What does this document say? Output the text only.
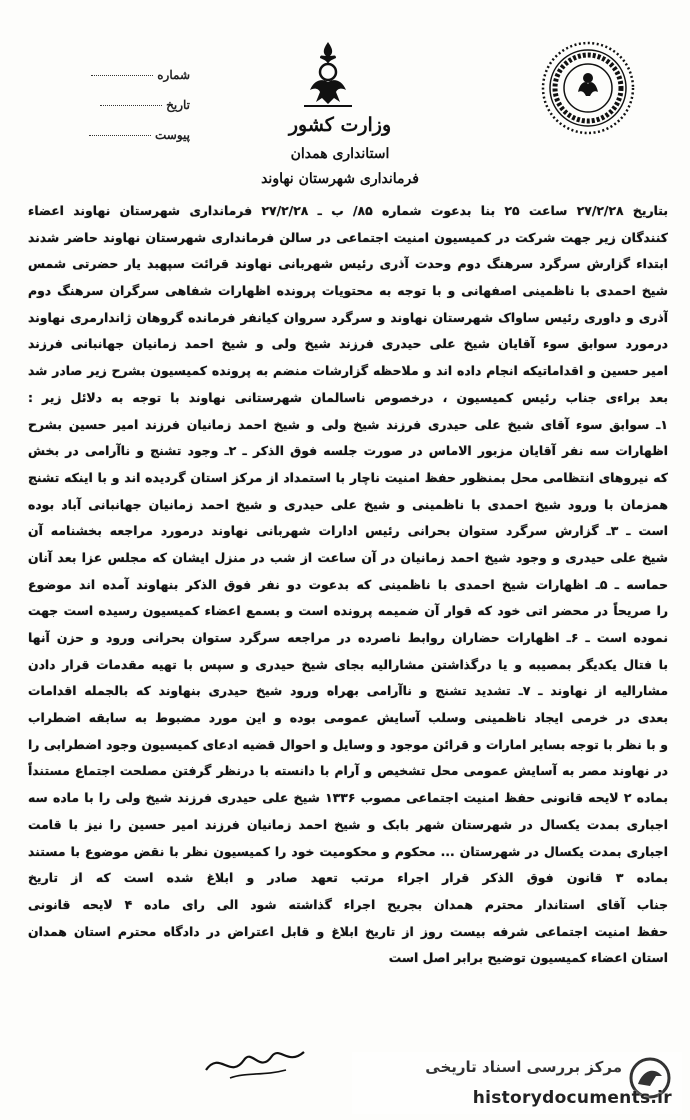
شماره
تاریخ
پیوست	وزارت کشور
استانداری همدان
فرمانداری شهرستان نهاوند
بتاریخ ۲۷/۲/۲۸ ساعت ۲۵ بنا بدعوت شماره ۸۵/ ب ـ ۲۷/۲/۲۸ فرمانداری شهرستان نهاوند اعضاء
کنندگان زیر جهت شرکت در کمیسیون امنیت اجتماعی در سالن فرمانداری شهرستان نهاوند حاضر شدند
ابتداء گزارش سرگرد سرهنگ دوم وحدت آذری رئیس شهربانی نهاوند قرائت سپهبد یار حضرتی شمس
شیخ احمدی با ناظمینی اصفهانی و با توجه به محتویات پرونده اظهارات شفاهی سرگران سرهنگ دوم
آذری و داوری رئیس ساواک شهرستان نهاوند و سرگرد سروان کیانفر فرمانده گروهان ژاندارمری نهاوند
درمورد سوابق سوء آقایان شیخ علی حیدری فرزند شیخ ولی و شیخ احمد زمانیان جهانبانی فرزند
امیر حسین و اقداماتیکه انجام داده اند و ملاحظه گزارشات منضم به پرونده کمیسیون بشرح زیر صادر شد
بعد براءی جناب رئیس کمیسیون ، درخصوص ناسالمان شهرستانی نهاوند با توجه به دلائل زیر :
۱ـ سوابق سوء آقای شیخ علی حیدری فرزند شیخ ولی و شیخ احمد زمانیان فرزند امیر حسین بشرح
اظهارات سه نفر آقایان مزبور الاماس در صورت جلسه فوق الذکر ـ ۲ـ وجود تشنج و ناآرامی در بخش
که نیروهای انتظامی محل بمنظور حفظ امنیت ناچار با استمداد از مرکز استان گردیده اند و با اینکه تشنج
همزمان با ورود شیخ احمدی با ناظمینی و شیخ علی حیدری و شیخ احمد زمانیان جهانبانی آباد بوده
است ـ ۳ـ گزارش سرگرد ستوان بحرانی رئیس ادارات شهربانی نهاوند درمورد مراجعه بخشنامه آن
شیخ علی حیدری و وجود شیخ احمد زمانیان در آن ساعت از شب در منزل ایشان که مجلس عزا بعد آنان
حماسه ـ ۵ـ اظهارات شیخ احمدی با ناظمینی که بدعوت دو نفر فوق الذکر بنهاوند آمده اند موضوع
را صریحاً در محضر اتی خود که قوار آن ضمیمه پرونده است و بسمع اعضاء کمیسیون رسیده است جهت
نموده است ـ ۶ـ اظهارات حضاران روابط ناصرده در مراجعه سرگرد ستوان بحرانی ورود و حزن آنها
با فتال یکدیگر بمصیبه و یا درگذاشتن مشارالیه بجای شیخ حیدری و سپس با تهیه مقدمات قرار دادن
مشارالیه از نهاوند ـ ۷ـ تشدید تشنج و ناآرامی بهراه ورود شیخ حیدری بنهاوند که بالجمله اقدامات
بعدی در خرمی ایجاد ناظمینی وسلب آسایش عمومی بوده و این مورد مضبوط به سابقه اضطراب
و با نظر با توجه بسایر امارات و قرائن موجود و وسایل و احوال قضیه ادعای کمیسیون وجود اضطرابی را
در نهاوند مصر به آسایش عمومی محل تشخیص و آرام با دانسته با درنظر گرفتن مصلحت اجتماع مستنداً
بماده ۲ لایحه قانونی حفظ امنیت اجتماعی مصوب ۱۳۳۶ شیخ علی حیدری فرزند شیخ ولی را با ماده سه
اجباری بمدت یکسال در شهرستان شهر بابک و شیخ احمد زمانیان فرزند امیر حسین را نیز با قامت
اجباری بمدت یکسال در شهرستان ... محکوم و محکومیت خود را کمیسیون نظر با نقض موضوع با مستند
بماده ۳ قانون فوق الذکر قرار اجراء مرتب تعهد صادر و ابلاغ شده است که از تاریخ
جناب آقای استاندار محترم همدان بجریح اجراء گذاشته شود الی رای ماده ۴ لایحه قانونی
حفظ امنیت اجتماعی شرفه بیست روز از تاریخ ابلاغ و قابل اعتراض در دادگاه محترم استان همدان
استان اعضاء کمیسیون توضیح برابر اصل است
مرکز بررسی اسناد تاریخی
historydocuments.ir
